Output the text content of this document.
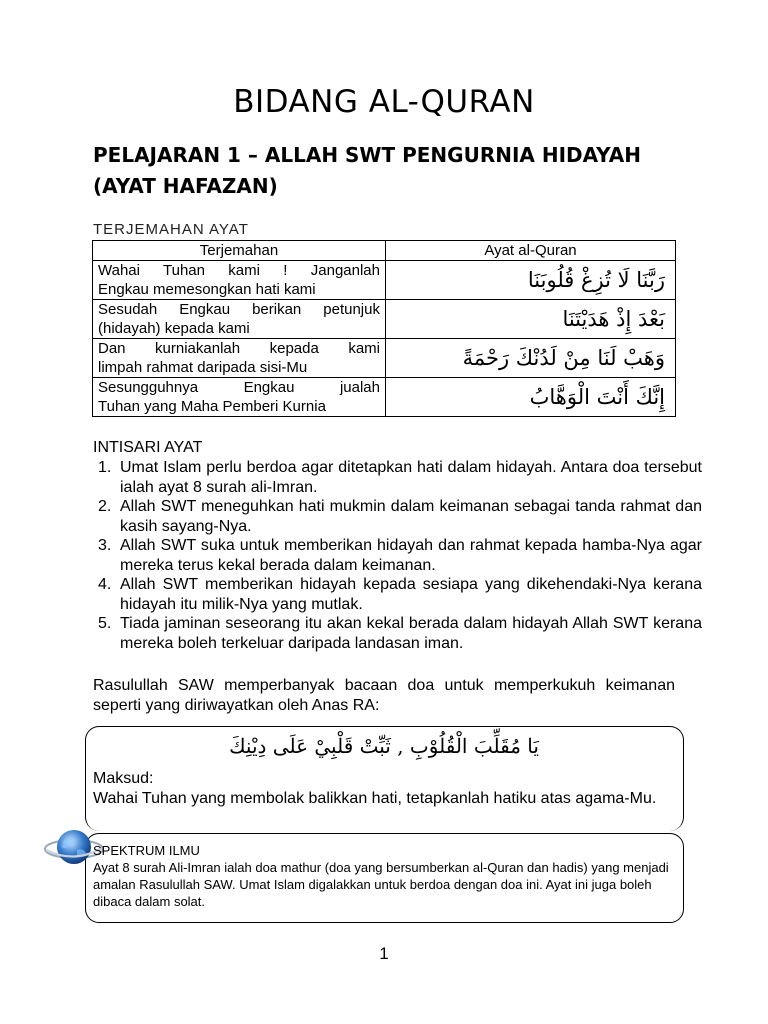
BIDANG AL-QURAN
PELAJARAN 1 – ALLAH SWT PENGURNIA HIDAYAH
(AYAT HAFAZAN)
TERJEMAHAN AYAT
Terjemahan	Ayat al-Quran

Wahai Tuhan kami ! Janganlah
Engkau memesongkan hati kami	رَبَّنَا لَا تُزِغْ قُلُوبَنَا

Sesudah Engkau berikan petunjuk
(hidayah) kepada kami	بَعْدَ إِذْ هَدَيْتَنَا

Dan kurniakanlah kepada kami
limpah rahmat daripada sisi-Mu	وَهَبْ لَنَا مِنْ لَدُنْكَ رَحْمَةً

Sesungguhnya Engkau jualah
Tuhan yang Maha Pemberi Kurnia	إِنَّكَ أَنْتَ الْوَهَّابُ
INTISARI AYAT
Umat Islam perlu berdoa agar ditetapkan hati dalam hidayah. Antara doa tersebut ialah ayat 8 surah ali-Imran.
Allah SWT meneguhkan hati mukmin dalam keimanan sebagai tanda rahmat dan kasih sayang-Nya.
Allah SWT suka untuk memberikan hidayah dan rahmat kepada hamba-Nya agar mereka terus kekal berada dalam keimanan.
Allah SWT memberikan hidayah kepada sesiapa yang dikehendaki-Nya kerana hidayah itu milik-Nya yang mutlak.
Tiada jaminan seseorang itu akan kekal berada dalam hidayah Allah SWT kerana mereka boleh terkeluar daripada landasan iman.
Rasulullah SAW memperbanyak bacaan doa untuk memperkukuh keimanan seperti yang diriwayatkan oleh Anas RA:
يَا مُقَلِّبَ الْقُلُوْبِ , ثَبِّتْ قَلْبِيْ عَلَى دِيْنِكَ
Maksud:
Wahai Tuhan yang membolak balikkan hati, tetapkanlah hatiku atas agama-Mu.
SPEKTRUM ILMU
Ayat 8 surah Ali-Imran ialah doa mathur (doa yang bersumberkan al-Quran dan hadis) yang menjadi amalan Rasulullah SAW. Umat Islam digalakkan untuk berdoa dengan doa ini. Ayat ini juga boleh dibaca dalam solat.
1
